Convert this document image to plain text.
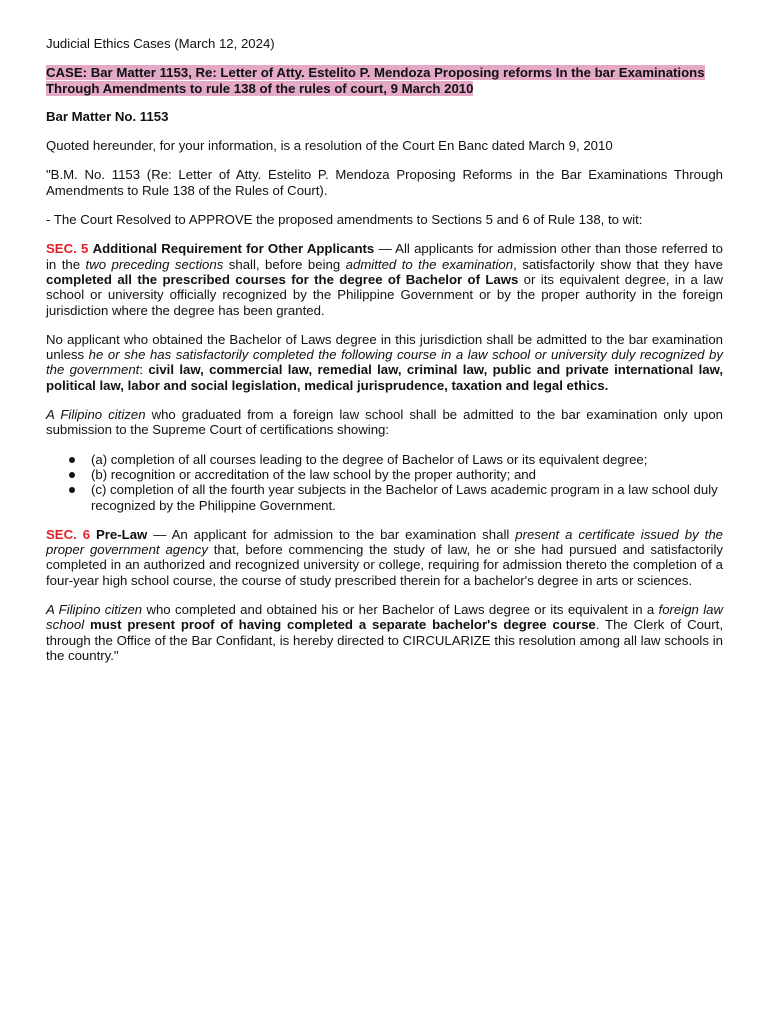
Judicial Ethics Cases (March 12, 2024)

CASE: Bar Matter 1153, Re: Letter of Atty. Estelito P. Mendoza Proposing reforms In the bar Examinations Through Amendments to rule 138 of the rules of court, 9 March 2010

Bar Matter No. 1153

Quoted hereunder, for your information, is a resolution of the Court En Banc dated March 9, 2010

"B.M. No. 1153 (Re: Letter of Atty. Estelito P. Mendoza Proposing Reforms in the Bar Examinations Through Amendments to Rule 138 of the Rules of Court).

- The Court Resolved to APPROVE the proposed amendments to Sections 5 and 6 of Rule 138, to wit:

SEC. 5 Additional Requirement for Other Applicants — All applicants for admission other than those referred to in the two preceding sections shall, before being admitted to the examination, satisfactorily show that they have completed all the prescribed courses for the degree of Bachelor of Laws or its equivalent degree, in a law school or university officially recognized by the Philippine Government or by the proper authority in the foreign jurisdiction where the degree has been granted.

No applicant who obtained the Bachelor of Laws degree in this jurisdiction shall be admitted to the bar examination unless he or she has satisfactorily completed the following course in a law school or university duly recognized by the government: civil law, commercial law, remedial law, criminal law, public and private international law, political law, labor and social legislation, medical jurisprudence, taxation and legal ethics.

A Filipino citizen who graduated from a foreign law school shall be admitted to the bar examination only upon submission to the Supreme Court of certifications showing:

(a) completion of all courses leading to the degree of Bachelor of Laws or its equivalent degree;
(b) recognition or accreditation of the law school by the proper authority; and
(c) completion of all the fourth year subjects in the Bachelor of Laws academic program in a law school duly recognized by the Philippine Government.

SEC. 6 Pre-Law — An applicant for admission to the bar examination shall present a certificate issued by the proper government agency that, before commencing the study of law, he or she had pursued and satisfactorily completed in an authorized and recognized university or college, requiring for admission thereto the completion of a four-year high school course, the course of study prescribed therein for a bachelor's degree in arts or sciences.

A Filipino citizen who completed and obtained his or her Bachelor of Laws degree or its equivalent in a foreign law school must present proof of having completed a separate bachelor's degree course. The Clerk of Court, through the Office of the Bar Confidant, is hereby directed to CIRCULARIZE this resolution among all law schools in the country."
